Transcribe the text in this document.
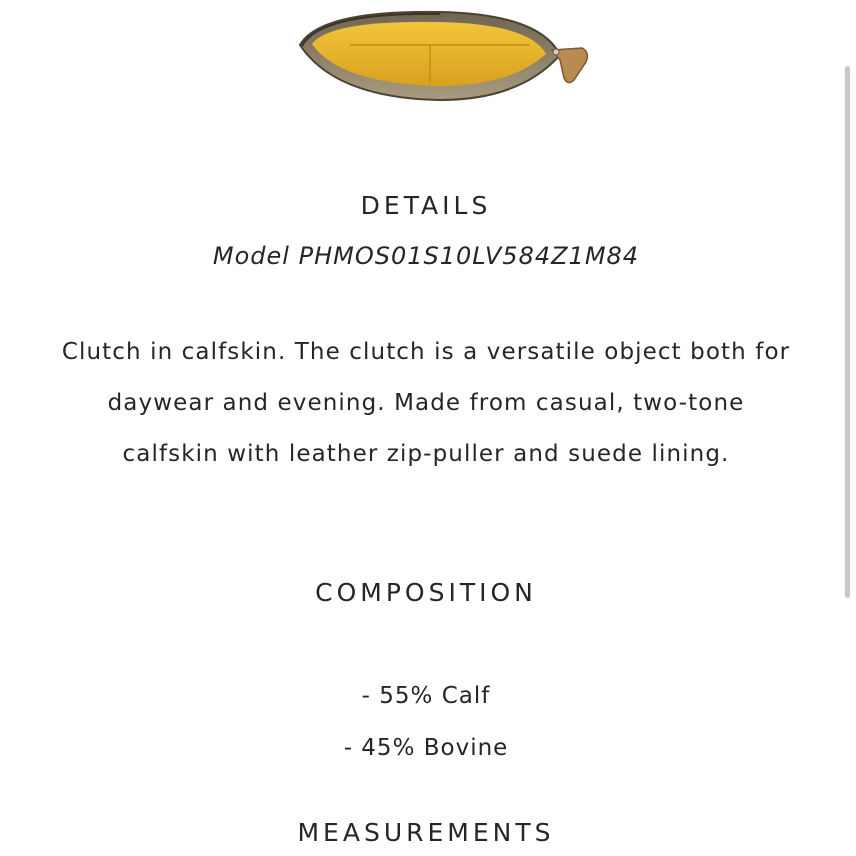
DETAILS
Model PHMOS01S10LV584Z1M84

Clutch in calfskin. The clutch is a versatile object both for daywear and evening. Made from casual, two-tone calfskin with leather zip-puller and suede lining.

COMPOSITION
- 55% Calf
- 45% Bovine
MEASUREMENTS
